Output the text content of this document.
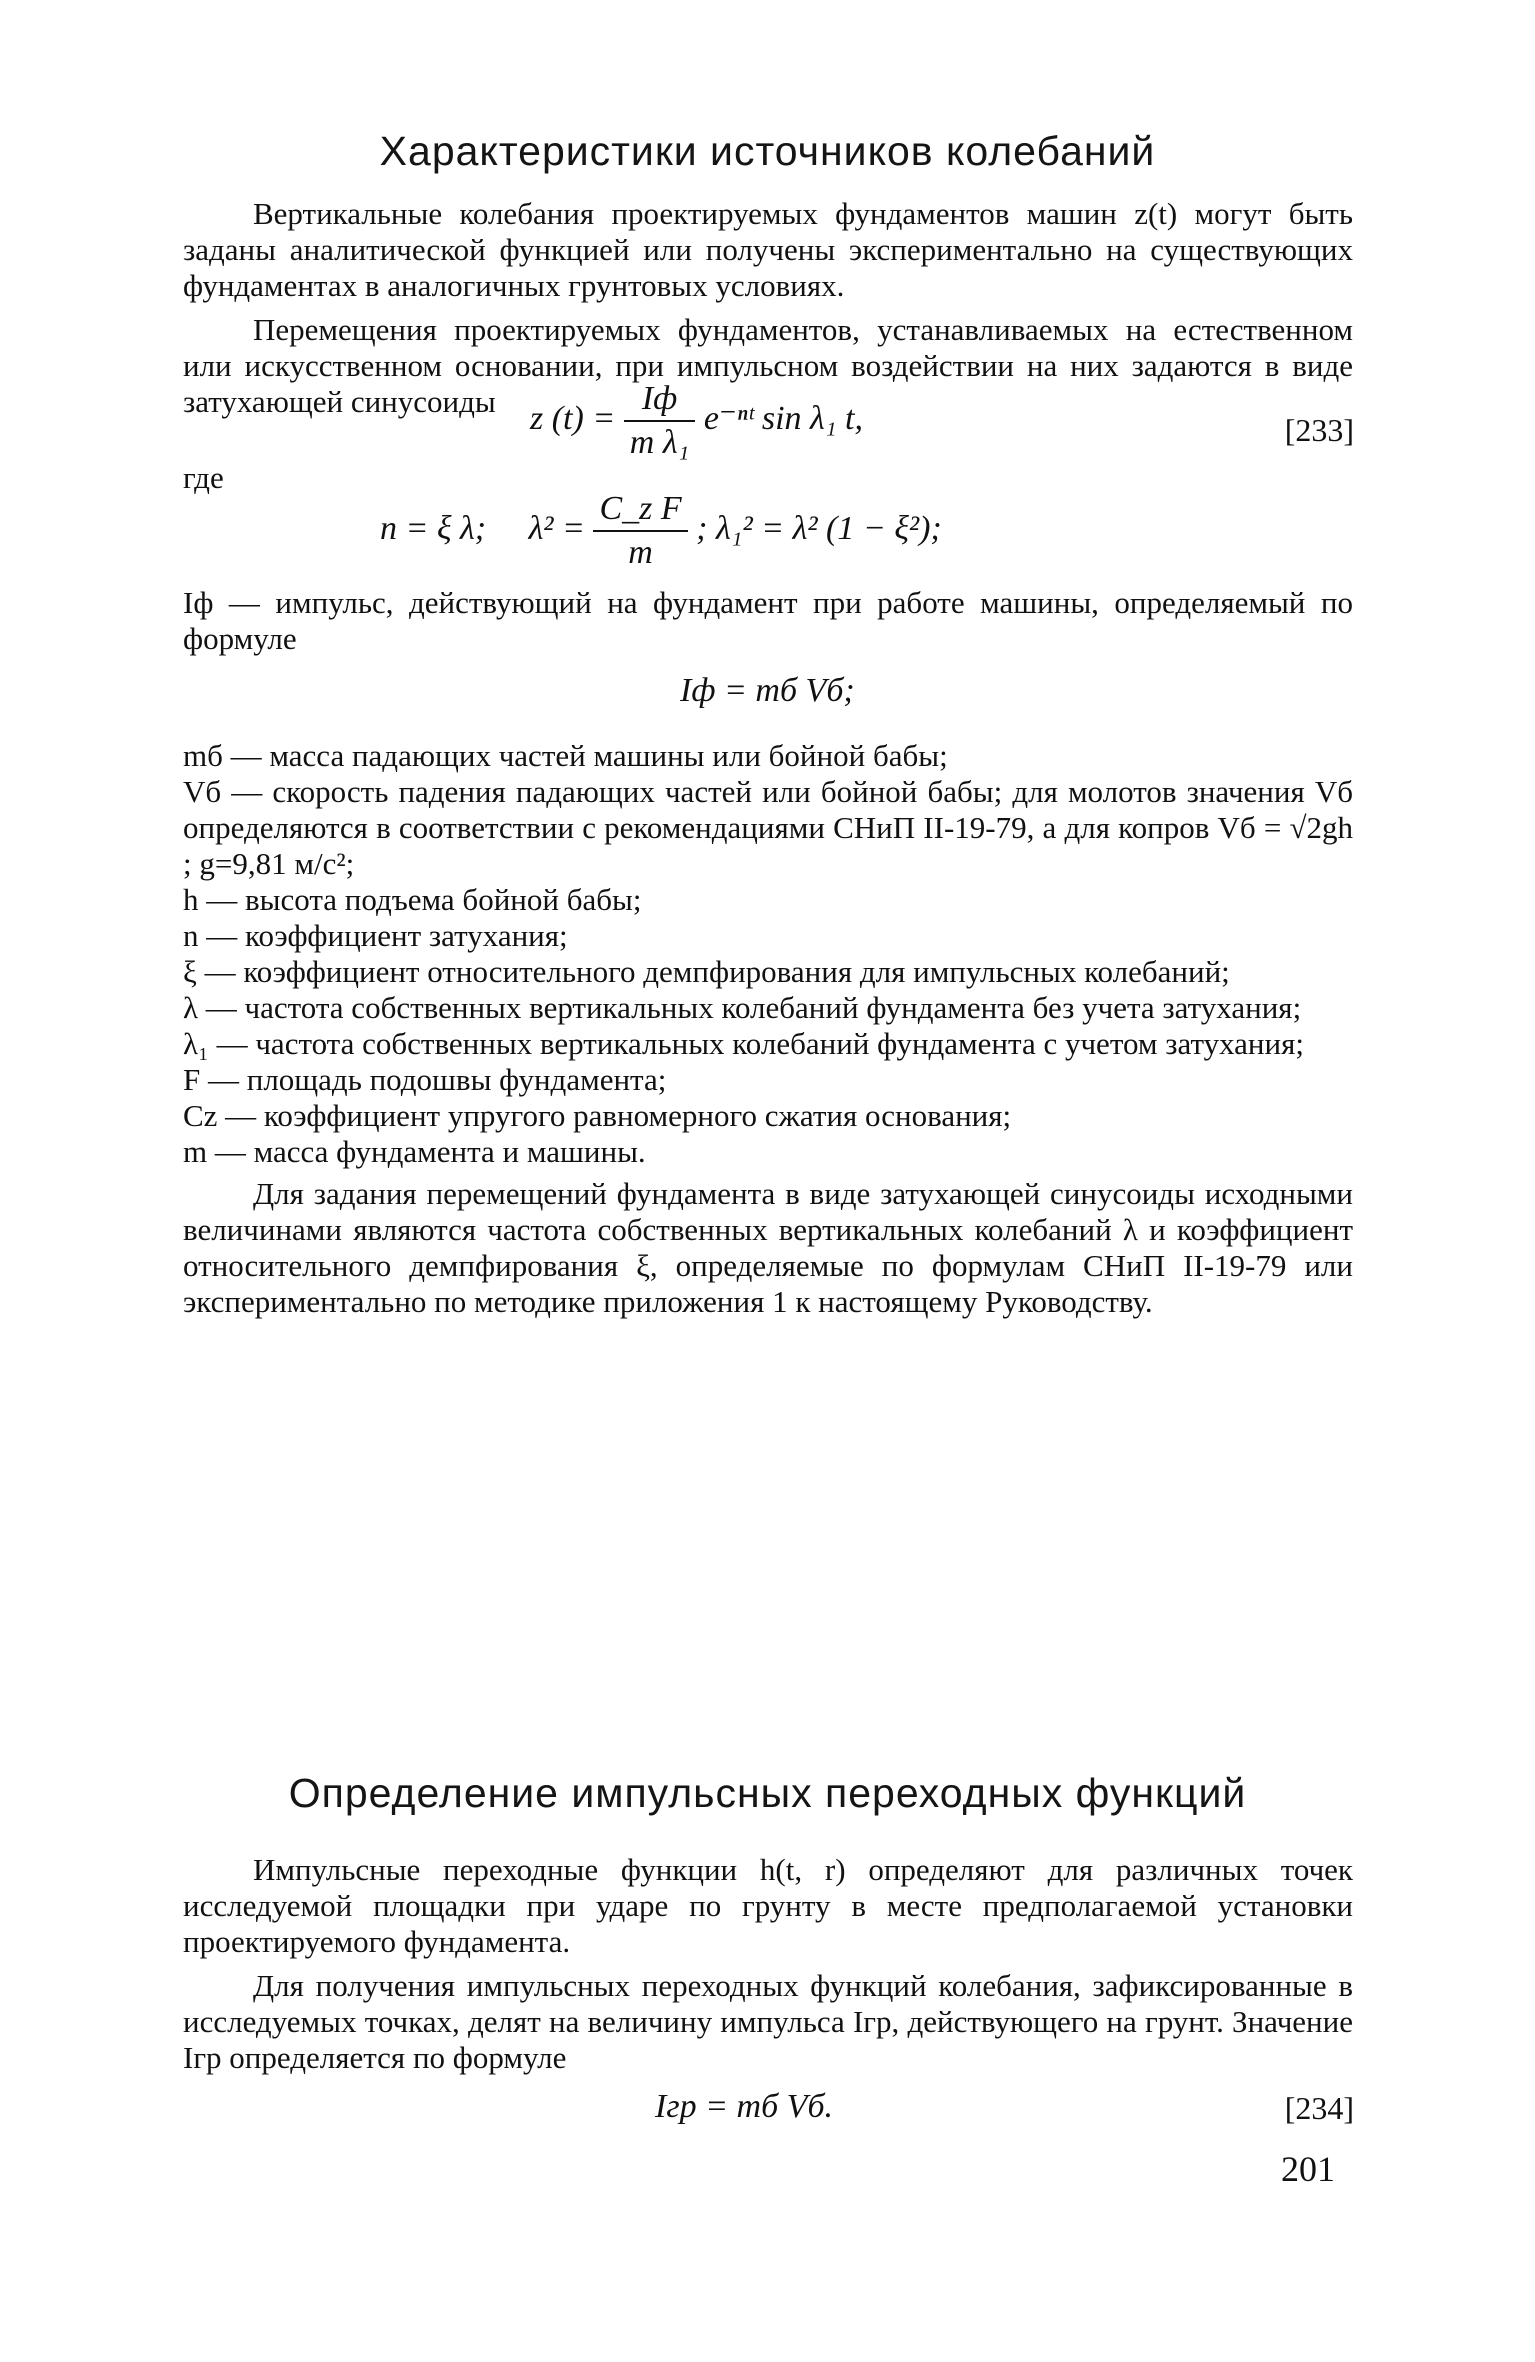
Характеристики источников колебаний

Вертикальные колебания проектируемых фундаментов машин z(t) могут быть заданы аналитической функцией или получены экспериментально на существующих фундаментах в аналогичных грунтовых условиях.

Перемещения проектируемых фундаментов, устанавливаемых на естественном или искусственном основании, при импульсном воздействии на них задаются в виде затухающей синусоиды	z $(t) = \frac{Iф}{\text{m λ₁}}$ e⁻ⁿᵗ sin λ₁ t,	[233]
где
n = ξ λ; $\lambda^2 = \frac{\text{C\_z F}}{m}$ ; λ₁² = λ² (1 − ξ²);

Iф — импульс, действующий на фундамент при работе машины, определяемый по формуле

Iф = mб Vб;

mб — масса падающих частей машины или бойной бабы;

Vб — скорость падения падающих частей или бойной бабы; для молотов значения Vб определяются в соответствии с рекомендациями СНиП II-19-79, а для копров Vб = √2gh ; g=9,81 м/с²;

h — высота подъема бойной бабы;

n — коэффициент затухания;

ξ — коэффициент относительного демпфирования для импульсных колебаний;

λ — частота собственных вертикальных колебаний фундамента без учета затухания;

λ₁ — частота собственных вертикальных колебаний фундамента с учетом затухания;

F — площадь подошвы фундамента;

Cz — коэффициент упругого равномерного сжатия основания;

m — масса фундамента и машины.

Для задания перемещений фундамента в виде затухающей синусоиды исходными величинами являются частота собственных вертикальных колебаний λ и коэффициент относительного демпфирования ξ, определяемые по формулам СНиП II-19-79 или экспериментально по методике приложения 1 к настоящему Руководству.

Определение импульсных переходных функций

Импульсные переходные функции h(t, r) определяют для различных точек исследуемой площадки при ударе по грунту в месте предполагаемой установки проектируемого фундамента.

Для получения импульсных переходных функций колебания, зафиксированные в исследуемых точках, делят на величину импульса Iгр, действующего на грунт. Значение Iгр определяется по формуле

Iгр = mб Vб.	[234]
201
